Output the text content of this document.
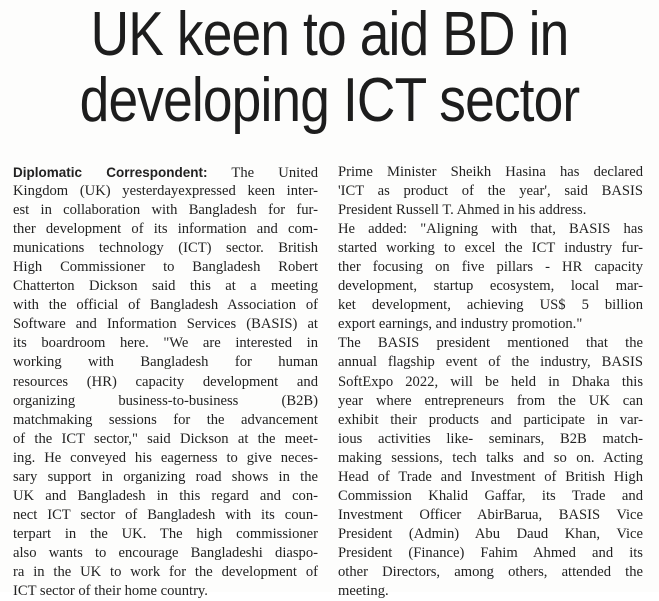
UK keen to aid BD in
developing ICT sector
Diplomatic Correspondent: The United
Kingdom (UK) yesterdayexpressed keen inter-
est in collaboration with Bangladesh for fur-
ther development of its information and com-
munications technology (ICT) sector. British
High Commissioner to Bangladesh Robert
Chatterton Dickson said this at a meeting
with the official of Bangladesh Association of
Software and Information Services (BASIS) at
its boardroom here. "We are interested in
working with Bangladesh for human
resources (HR) capacity development and
organizing business-to-business (B2B)
matchmaking sessions for the advancement
of the ICT sector," said Dickson at the meet-
ing. He conveyed his eagerness to give neces-
sary support in organizing road shows in the
UK and Bangladesh in this regard and con-
nect ICT sector of Bangladesh with its coun-
terpart in the UK. The high commissioner
also wants to encourage Bangladeshi diaspo-
ra in the UK to work for the development of
ICT sector of their home country.
Prime Minister Sheikh Hasina has declared
'ICT as product of the year', said BASIS
President Russell T. Ahmed in his address.
He added: "Aligning with that, BASIS has
started working to excel the ICT industry fur-
ther focusing on five pillars - HR capacity
development, startup ecosystem, local mar-
ket development, achieving US$ 5 billion
export earnings, and industry promotion."
The BASIS president mentioned that the
annual flagship event of the industry, BASIS
SoftExpo 2022, will be held in Dhaka this
year where entrepreneurs from the UK can
exhibit their products and participate in var-
ious activities like- seminars, B2B match-
making sessions, tech talks and so on. Acting
Head of Trade and Investment of British High
Commission Khalid Gaffar, its Trade and
Investment Officer AbirBarua, BASIS Vice
President (Admin) Abu Daud Khan, Vice
President (Finance) Fahim Ahmed and its
other Directors, among others, attended the
meeting.
